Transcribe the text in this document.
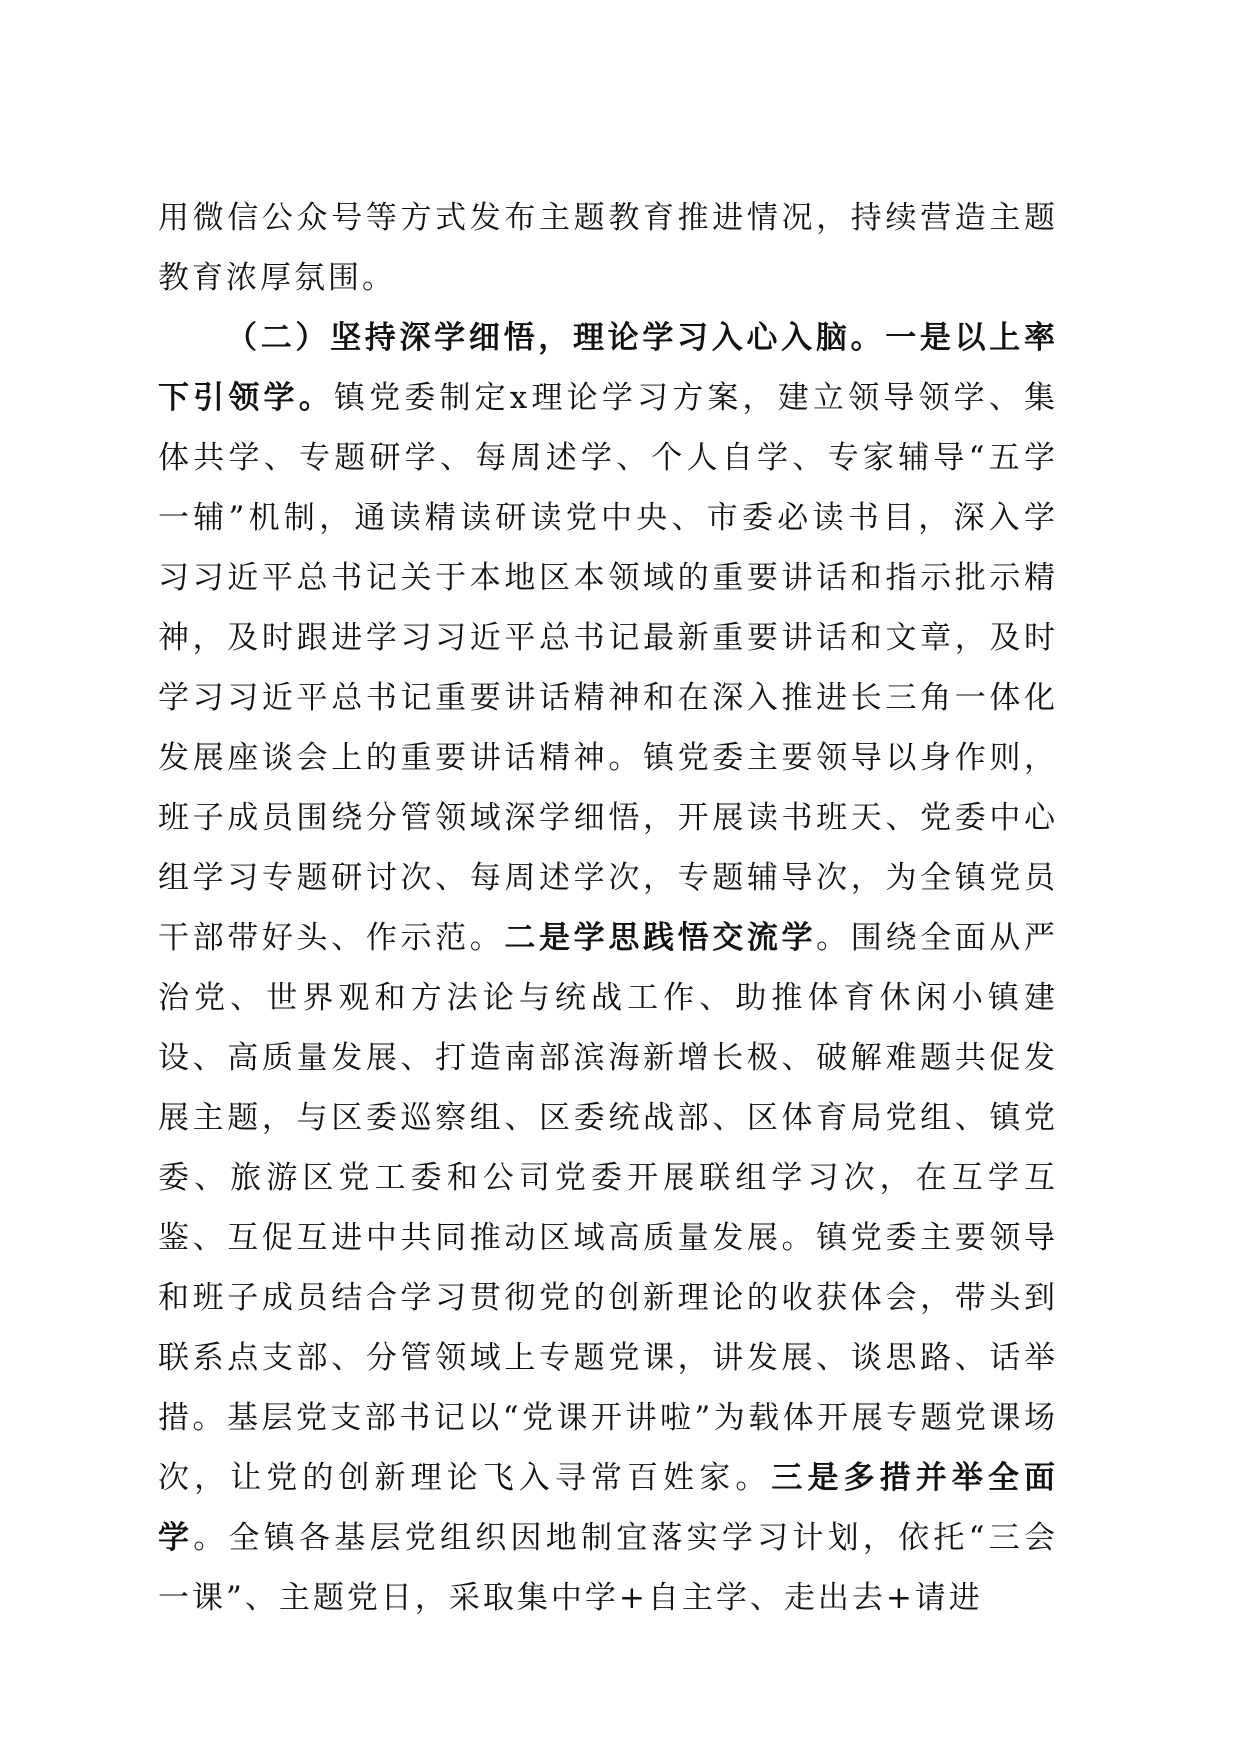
用微信公众号等方式发布主题教育推进情况，持续营造主题教育浓厚氛围。

（二）坚持深学细悟，理论学习入心入脑。一是以上率下引领学。镇党委制定x理论学习方案，建立领导领学、集体共学、专题研学、每周述学、个人自学、专家辅导“五学一辅”机制，通读精读研读党中央、市委必读书目，深入学习习近平总书记关于本地区本领域的重要讲话和指示批示精神，及时跟进学习习近平总书记最新重要讲话和文章，及时学习习近平总书记重要讲话精神和在深入推进长三角一体化发展座谈会上的重要讲话精神。镇党委主要领导以身作则，班子成员围绕分管领域深学细悟，开展读书班天、党委中心组学习专题研讨次、每周述学次，专题辅导次，为全镇党员干部带好头、作示范。二是学思践悟交流学。围绕全面从严治党、世界观和方法论与统战工作、助推体育休闲小镇建设、高质量发展、打造南部滨海新增长极、破解难题共促发展主题，与区委巡察组、区委统战部、区体育局党组、镇党委、旅游区党工委和公司党委开展联组学习次，在互学互鉴、互促互进中共同推动区域高质量发展。镇党委主要领导和班子成员结合学习贯彻党的创新理论的收获体会，带头到联系点支部、分管领域上专题党课，讲发展、谈思路、话举措。基层党支部书记以“党课开讲啦”为载体开展专题党课场次，让党的创新理论飞入寻常百姓家。三是多措并举全面学。全镇各基层党组织因地制宜落实学习计划，依托“三会一课”、主题党日，采取集中学+自主学、走出去+请进
